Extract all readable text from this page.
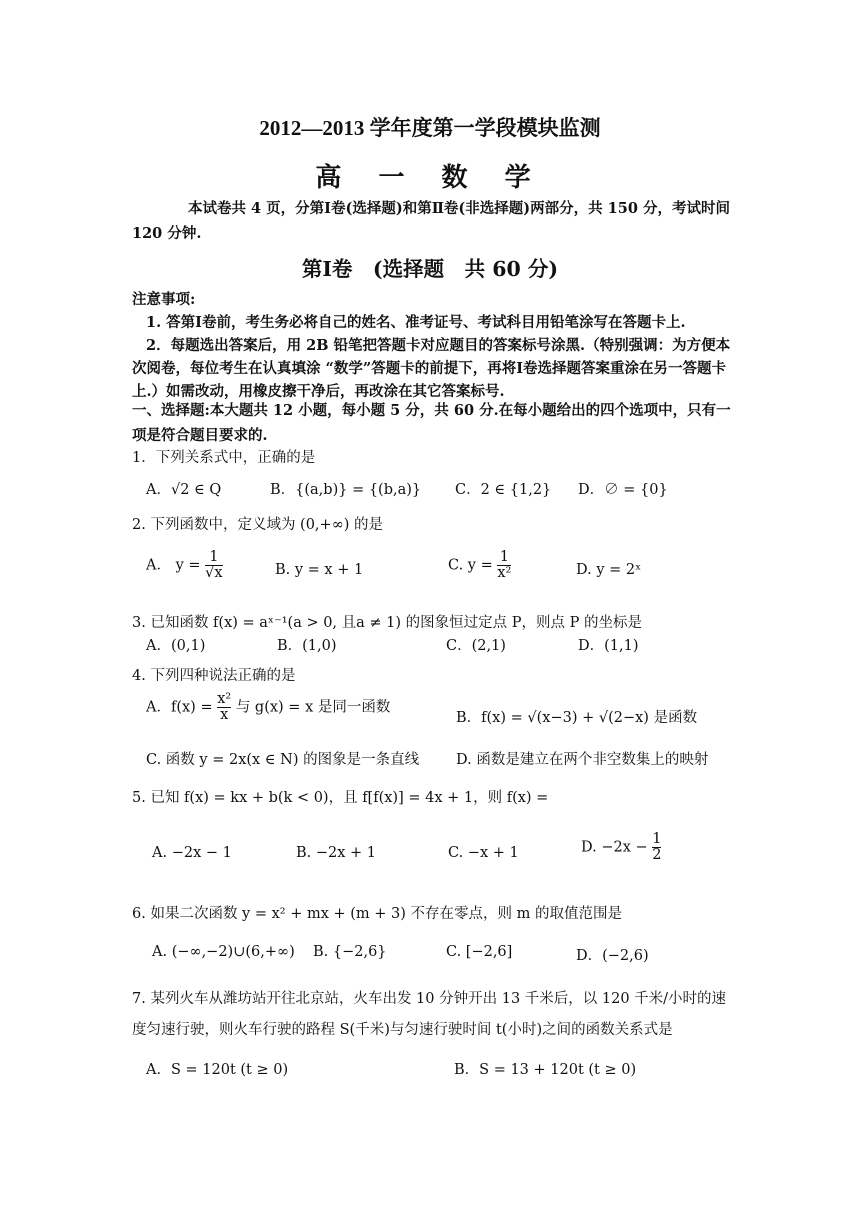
2012—2013 学年度第一学段模块监测
高 一 数 学
本试卷共 4 页，分第Ⅰ卷(选择题)和第Ⅱ卷(非选择题)两部分，共 150 分，考试时间 120 分钟.
第Ⅰ卷　(选择题　共 60 分)
注意事项:
1. 答第Ⅰ卷前，考生务必将自己的姓名、准考证号、考试科目用铅笔涂写在答题卡上.
2．每题选出答案后，用 2B 铅笔把答题卡对应题目的答案标号涂黑.（特别强调：为方便本次阅卷，每位考生在认真填涂 “数学”答题卡的前提下，再将Ⅰ卷选择题答案重涂在另一答题卡上.）如需改动，用橡皮擦干净后，再改涂在其它答案标号.
一、选择题:本大题共 12 小题，每小题 5 分，共 60 分.在每小题给出的四个选项中，只有一项是符合题目要求的.
1．下列关系式中，正确的是
A．√2 ∈ Q	B．{(a,b)} = {(b,a)} C．2 ∈ {1,2} D．∅ = {0}
2. 下列函数中，定义域为 (0,+∞) 的是
A． $y = \frac{1}{√x}$	B. y = x + 1	C. $y = \frac{1}{\text{x²}}$	D. y = 2ˣ
3. 已知函数 f(x) = aˣ⁻¹(a > 0, 且a ≠ 1) 的图象恒过定点 P，则点 P 的坐标是
A．(0,1)	B．(1,0)	C．(2,1)	D．(1,1)
4. 下列四种说法正确的是
A．$f(x) = \frac{\text{x²}}{x}$ 与 g(x) = x 是同一函数
B．f(x) = √(x−3) + √(2−x) 是函数
C. 函数 y = 2x(x ∈ N) 的图象是一条直线	D. 函数是建立在两个非空数集上的映射
5. 已知 f(x) = kx + b(k < 0)，且 f[f(x)] = 4x + 1，则 f(x) =
A. −2x − 1	B. −2x + 1	C. −x + 1	D. $-2x - \frac{1}{2}$
6. 如果二次函数 y = x² + mx + (m + 3) 不存在零点，则 m 的取值范围是
A. (−∞,−2)∪(6,+∞) B. {−2,6}	C. [−2,6]	D．(−2,6)
7. 某列火车从潍坊站开往北京站，火车出发 10 分钟开出 13 千米后，以 120 千米/小时的速
度匀速行驶，则火车行驶的路程 S(千米)与匀速行驶时间 t(小时)之间的函数关系式是
A．S = 120t (t ≥ 0)	B．S = 13 + 120t (t ≥ 0)
